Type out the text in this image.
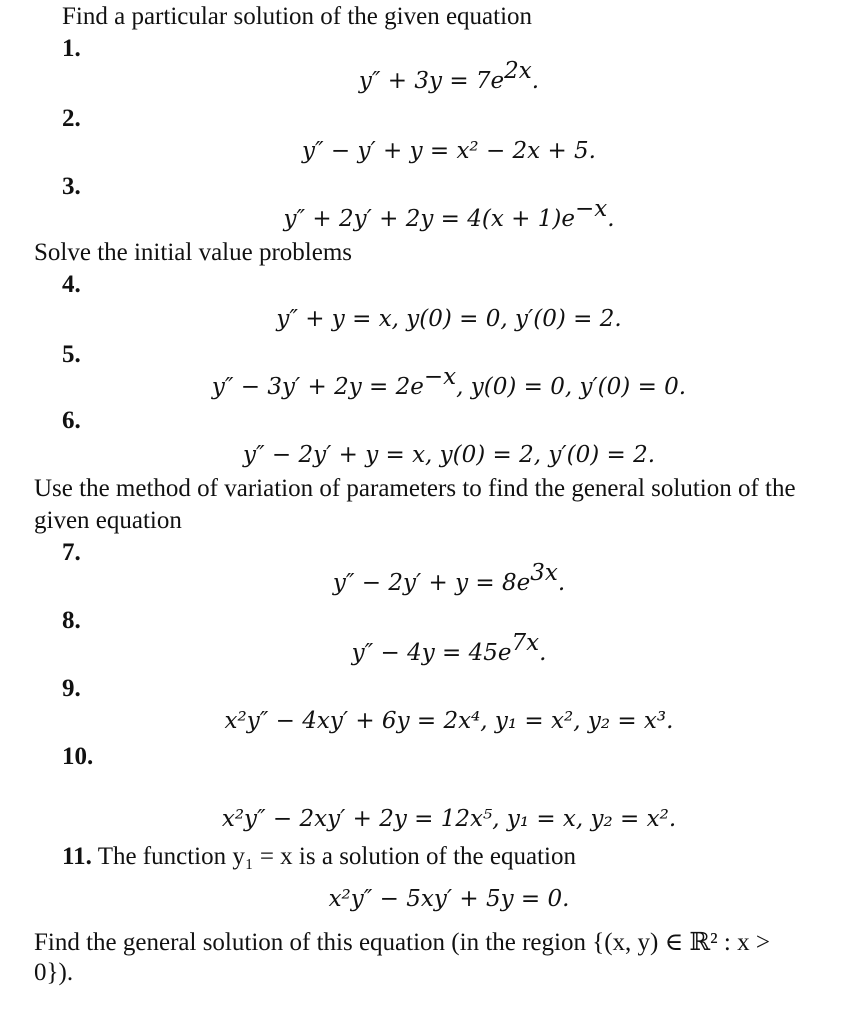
Find a particular solution of the given equation
1.
$y'' + 3y = 7e^{2x}$.
2.
y″ − y′ + y = x² − 2x + 5.
3.
$y'' + 2y' + 2y = 4(x + 1)e^{-x}$.
Solve the initial value problems
4.
y″ + y = x, y(0) = 0, y′(0) = 2.
5.
$y'' - 3y' + 2y = 2e^{-x}$, y(0) = 0, y′(0) = 0.
6.
y″ − 2y′ + y = x, y(0) = 2, y′(0) = 2.
Use the method of variation of parameters to find the general solution of the
given equation
7.
$y'' - 2y' + y = 8e^{3x}$.
8.
$y'' - 4y = 45e^{7x}$.
9.
x²y″ − 4xy′ + 6y = 2x⁴, y₁ = x², y₂ = x³.
10.
x²y″ − 2xy′ + 2y = 12x⁵, y₁ = x, y₂ = x².
11. The function y₁ = x is a solution of the equation
x²y″ − 5xy′ + 5y = 0.
Find the general solution of this equation (in the region {(x, y) ∈ ℝ² : x >
0}).
